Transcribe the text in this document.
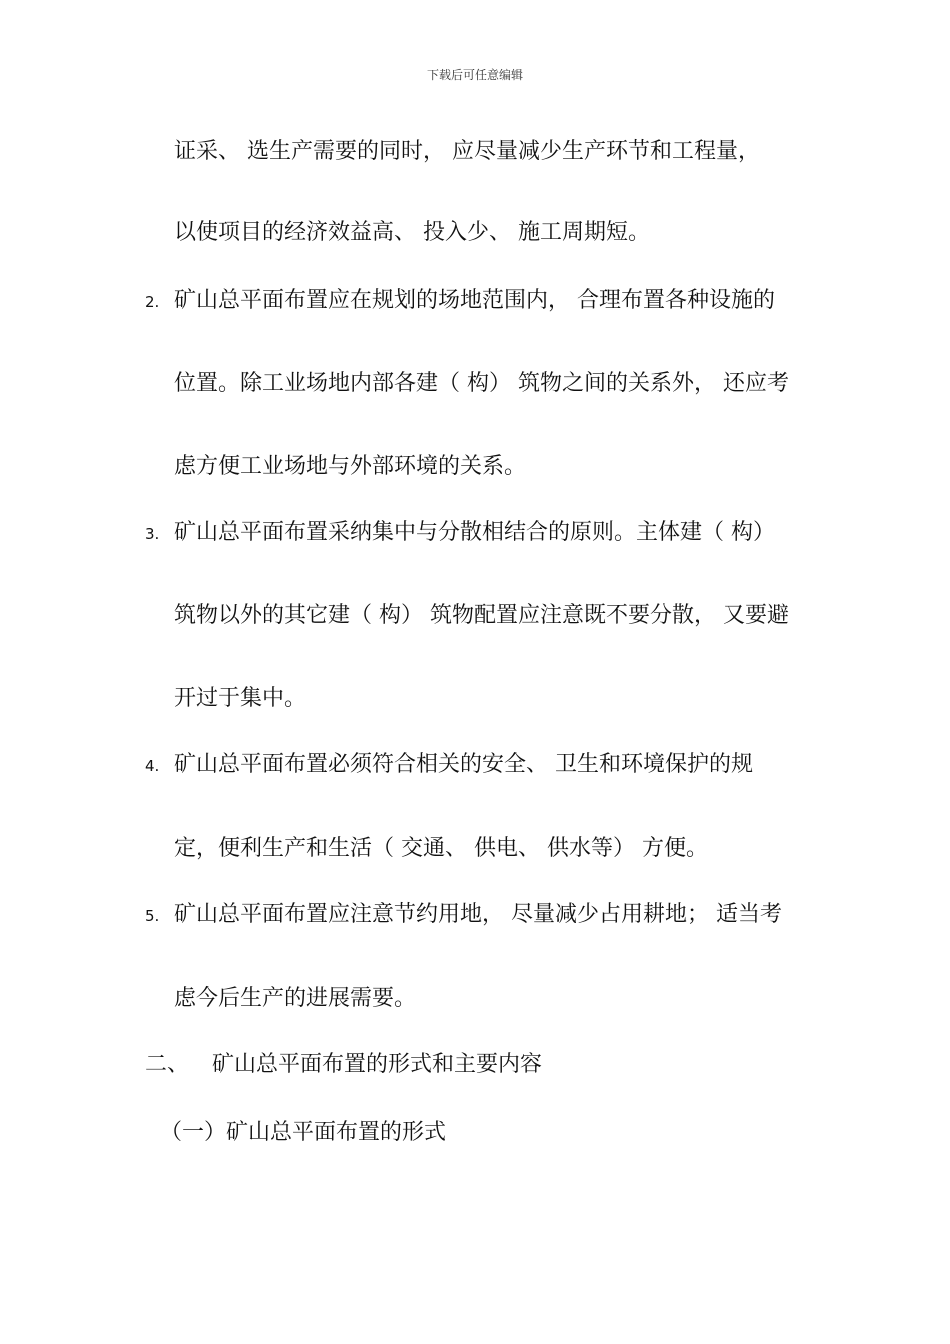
下载后可任意编辑
证采、 选生产需要的同时， 应尽量减少生产环节和工程量，
以使项目的经济效益高、 投入少、 施工周期短。
2. 矿山总平面布置应在规划的场地范围内， 合理布置各种设施的
位置。除工业场地内部各建（ 构） 筑物之间的关系外， 还应考
虑方便工业场地与外部环境的关系。
3. 矿山总平面布置采纳集中与分散相结合的原则。主体建（ 构）
筑物以外的其它建（ 构） 筑物配置应注意既不要分散， 又要避
开过于集中。
4. 矿山总平面布置必须符合相关的安全、 卫生和环境保护的规
定，便利生产和生活（ 交通、 供电、 供水等） 方便。
5. 矿山总平面布置应注意节约用地， 尽量减少占用耕地； 适当考
虑今后生产的进展需要。
二、 矿山总平面布置的形式和主要内容
（一）矿山总平面布置的形式
